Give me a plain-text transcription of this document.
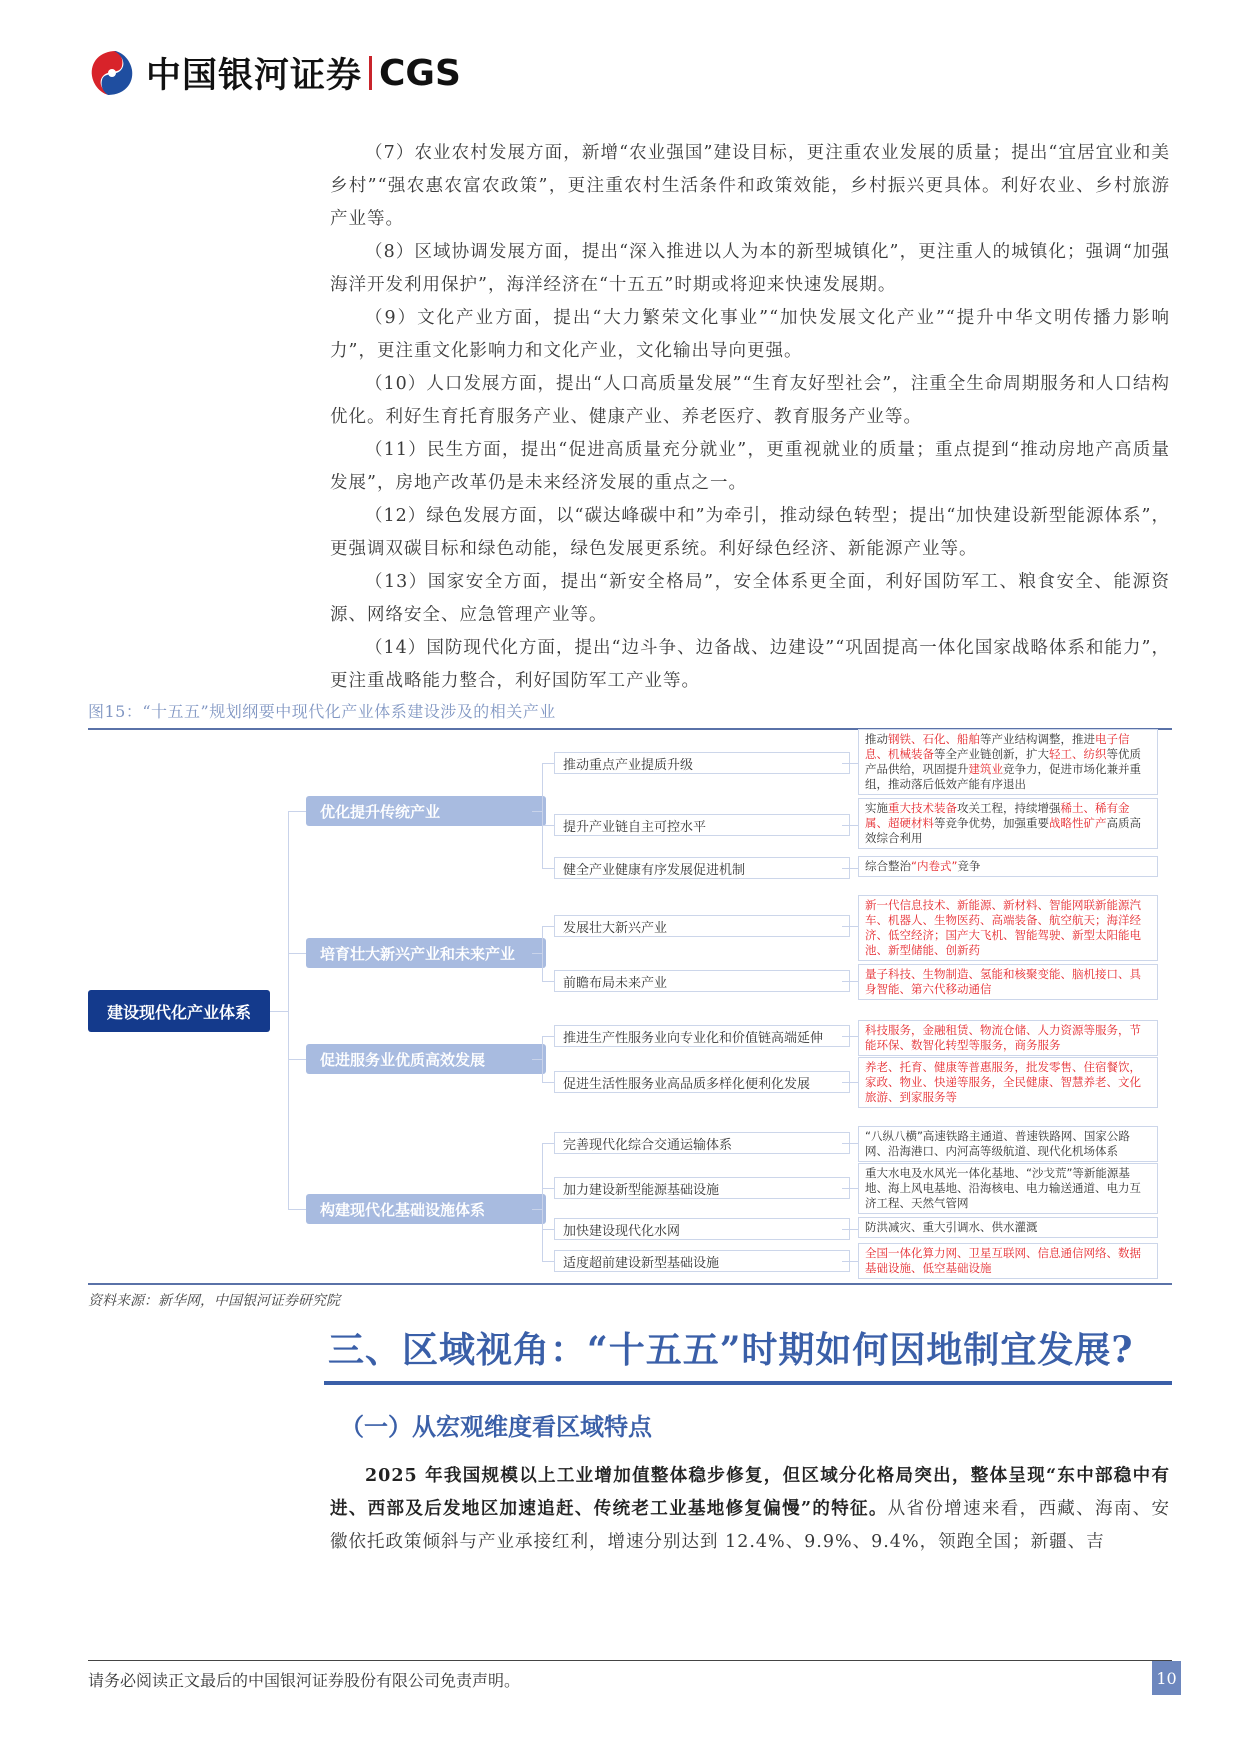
中国银河证券 CGS

（7）农业农村发展方面，新增“农业强国”建设目标，更注重农业发展的质量；提出“宜居宜业和美乡村”“强农惠农富农政策”，更注重农村生活条件和政策效能，乡村振兴更具体。利好农业、乡村旅游产业等。

（8）区域协调发展方面，提出“深入推进以人为本的新型城镇化”，更注重人的城镇化；强调“加强海洋开发利用保护”，海洋经济在“十五五”时期或将迎来快速发展期。

（9）文化产业方面，提出“大力繁荣文化事业”“加快发展文化产业”“提升中华文明传播力影响力”，更注重文化影响力和文化产业，文化输出导向更强。

（10）人口发展方面，提出“人口高质量发展”“生育友好型社会”，注重全生命周期服务和人口结构优化。利好生育托育服务产业、健康产业、养老医疗、教育服务产业等。

（11）民生方面，提出“促进高质量充分就业”，更重视就业的质量；重点提到“推动房地产高质量发展”，房地产改革仍是未来经济发展的重点之一。

（12）绿色发展方面，以“碳达峰碳中和”为牵引，推动绿色转型；提出“加快建设新型能源体系”，更强调双碳目标和绿色动能，绿色发展更系统。利好绿色经济、新能源产业等。

（13）国家安全方面，提出“新安全格局”，安全体系更全面，利好国防军工、粮食安全、能源资源、网络安全、应急管理产业等。

（14）国防现代化方面，提出“边斗争、边备战、边建设”“巩固提高一体化国家战略体系和能力”，更注重战略能力整合，利好国防军工产业等。

图15：“十五五”规划纲要中现代化产业体系建设涉及的相关产业
建设现代化产业体系
优化提升传统产业
培育壮大新兴产业和未来产业
促进服务业优质高效发展
构建现代化基础设施体系
推动重点产业提质升级
提升产业链自主可控水平
健全产业健康有序发展促进机制
推动钢铁、石化、船舶等产业结构调整，推进电子信息、机械装备等全产业链创新，扩大轻工、纺织等优质产品供给，巩固提升建筑业竞争力，促进市场化兼并重组，推动落后低效产能有序退出
实施重大技术装备攻关工程，持续增强稀土、稀有金属、超硬材料等竞争优势，加强重要战略性矿产高质高效综合利用
综合整治“内卷式”竞争
发展壮大新兴产业
前瞻布局未来产业
新一代信息技术、新能源、新材料、智能网联新能源汽车、机器人、生物医药、高端装备、航空航天；海洋经济、低空经济；国产大飞机、智能驾驶、新型太阳能电池、新型储能、创新药
量子科技、生物制造、氢能和核聚变能、脑机接口、具身智能、第六代移动通信
推进生产性服务业向专业化和价值链高端延伸
促进生活性服务业高品质多样化便利化发展
科技服务，金融租赁、物流仓储、人力资源等服务，节能环保、数智化转型等服务，商务服务
养老、托育、健康等普惠服务，批发零售、住宿餐饮，家政、物业、快递等服务，全民健康、智慧养老、文化旅游、到家服务等
完善现代化综合交通运输体系
加力建设新型能源基础设施
加快建设现代化水网
适度超前建设新型基础设施
“八纵八横”高速铁路主通道、普速铁路网、国家公路网、沿海港口、内河高等级航道、现代化机场体系
重大水电及水风光一体化基地、“沙戈荒”等新能源基地、海上风电基地、沿海核电、电力输送通道、电力互济工程、天然气管网
防洪减灾、重大引调水、供水灌溉
全国一体化算力网、卫星互联网、信息通信网络、数据基础设施、低空基础设施
资料来源：新华网，中国银河证券研究院
三、区域视角：“十五五”时期如何因地制宜发展?
（一）从宏观维度看区域特点

2025 年我国规模以上工业增加值整体稳步修复，但区域分化格局突出，整体呈现“东中部稳中有进、西部及后发地区加速追赶、传统老工业基地修复偏慢”的特征。从省份增速来看，西藏、海南、安徽依托政策倾斜与产业承接红利，增速分别达到 12.4%、9.9%、9.4%，领跑全国；新疆、吉

请务必阅读正文最后的中国银河证券股份有限公司免责声明。	10
